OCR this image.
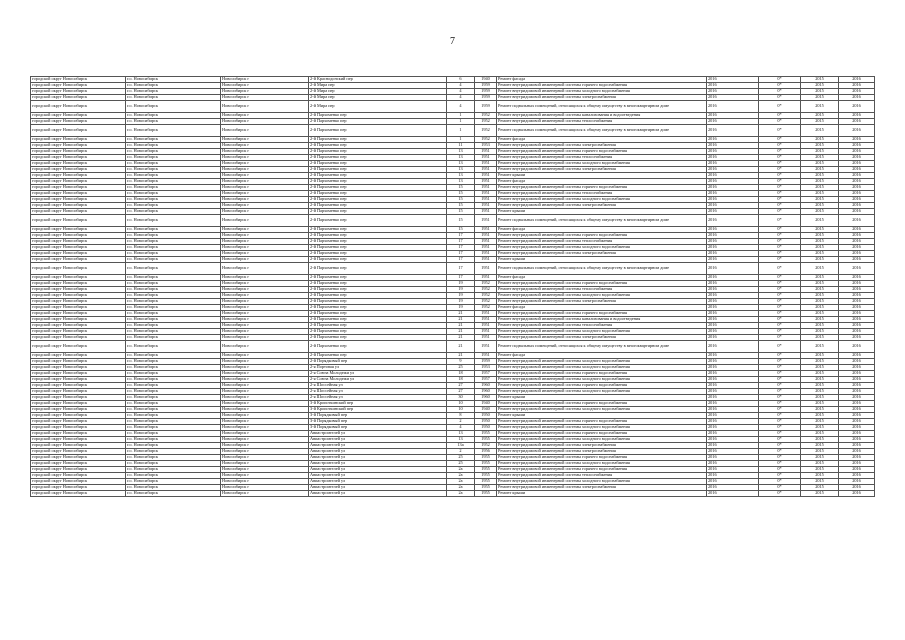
7
городской округ Новосибирск	г.о. Новосибирск	Новосибирск г	2-й Краснодонский пер	6	1940	Ремонт фасада	2016	0*	2015	2016
городской округ Новосибирск	г.о. Новосибирск	Новосибирск г	2-й Мира пер	4	1959	Ремонт внутридомовой инженерной системы горячего водоснабжения	2016	0*	2015	2016
городской округ Новосибирск	г.о. Новосибирск	Новосибирск г	2-й Мира пер	4	1959	Ремонт внутридомовой инженерной системы холодного водоснабжения	2016	0*	2015	2016
городской округ Новосибирск	г.о. Новосибирск	Новосибирск г	2-й Мира пер	4	1959	Ремонт внутридомовой инженерной системы электроснабжения	2016	0*	2015	2016
городской округ Новосибирск	г.о. Новосибирск	Новосибирск г	2-й Мира пер	4	1959	Ремонт подвальных помещений, относящихся к общему имуществу в многоквартирном доме	2016	0*	2015	2016
городской округ Новосибирск	г.о. Новосибирск	Новосибирск г	2-й Пархоменко пер	1	1952	Ремонт внутридомовой инженерной системы канализования и водоотведения	2016	0*	2015	2016
городской округ Новосибирск	г.о. Новосибирск	Новосибирск г	2-й Пархоменко пер	1	1952	Ремонт внутридомовой инженерной системы теплоснабжения	2016	0*	2015	2016
городской округ Новосибирск	г.о. Новосибирск	Новосибирск г	2-й Пархоменко пер	1	1952	Ремонт подвальных помещений, относящихся к общему имуществу в многоквартирном доме	2016	0*	2015	2016
городской округ Новосибирск	г.о. Новосибирск	Новосибирск г	2-й Пархоменко пер	1	1952	Ремонт фасада	2016	0*	2015	2016
городской округ Новосибирск	г.о. Новосибирск	Новосибирск г	2-й Пархоменко пер	11	1953	Ремонт внутридомовой инженерной системы электроснабжения	2016	0*	2015	2016
городской округ Новосибирск	г.о. Новосибирск	Новосибирск г	2-й Пархоменко пер	13	1951	Ремонт внутридомовой инженерной системы горячего водоснабжения	2016	0*	2015	2016
городской округ Новосибирск	г.о. Новосибирск	Новосибирск г	2-й Пархоменко пер	13	1951	Ремонт внутридомовой инженерной системы теплоснабжения	2016	0*	2015	2016
городской округ Новосибирск	г.о. Новосибирск	Новосибирск г	2-й Пархоменко пер	13	1951	Ремонт внутридомовой инженерной системы холодного водоснабжения	2016	0*	2015	2016
городской округ Новосибирск	г.о. Новосибирск	Новосибирск г	2-й Пархоменко пер	13	1951	Ремонт внутридомовой инженерной системы электроснабжения	2016	0*	2015	2016
городской округ Новосибирск	г.о. Новосибирск	Новосибирск г	2-й Пархоменко пер	13	1951	Ремонт крыши	2016	0*	2015	2016
городской округ Новосибирск	г.о. Новосибирск	Новосибирск г	2-й Пархоменко пер	13	1951	Ремонт фасада	2016	0*	2015	2016
городской округ Новосибирск	г.о. Новосибирск	Новосибирск г	2-й Пархоменко пер	15	1951	Ремонт внутридомовой инженерной системы горячего водоснабжения	2016	0*	2015	2016
городской округ Новосибирск	г.о. Новосибирск	Новосибирск г	2-й Пархоменко пер	15	1951	Ремонт внутридомовой инженерной системы теплоснабжения	2016	0*	2015	2016
городской округ Новосибирск	г.о. Новосибирск	Новосибирск г	2-й Пархоменко пер	15	1951	Ремонт внутридомовой инженерной системы холодного водоснабжения	2016	0*	2015	2016
городской округ Новосибирск	г.о. Новосибирск	Новосибирск г	2-й Пархоменко пер	15	1951	Ремонт внутридомовой инженерной системы электроснабжения	2016	0*	2015	2016
городской округ Новосибирск	г.о. Новосибирск	Новосибирск г	2-й Пархоменко пер	15	1951	Ремонт крыши	2016	0*	2015	2016
городской округ Новосибирск	г.о. Новосибирск	Новосибирск г	2-й Пархоменко пер	15	1951	Ремонт подвальных помещений, относящихся к общему имуществу в многоквартирном доме	2016	0*	2015	2016
городской округ Новосибирск	г.о. Новосибирск	Новосибирск г	2-й Пархоменко пер	15	1951	Ремонт фасада	2016	0*	2015	2016
городской округ Новосибирск	г.о. Новосибирск	Новосибирск г	2-й Пархоменко пер	17	1951	Ремонт внутридомовой инженерной системы горячего водоснабжения	2016	0*	2015	2016
городской округ Новосибирск	г.о. Новосибирск	Новосибирск г	2-й Пархоменко пер	17	1951	Ремонт внутридомовой инженерной системы теплоснабжения	2016	0*	2015	2016
городской округ Новосибирск	г.о. Новосибирск	Новосибирск г	2-й Пархоменко пер	17	1951	Ремонт внутридомовой инженерной системы холодного водоснабжения	2016	0*	2015	2016
городской округ Новосибирск	г.о. Новосибирск	Новосибирск г	2-й Пархоменко пер	17	1951	Ремонт внутридомовой инженерной системы электроснабжения	2016	0*	2015	2016
городской округ Новосибирск	г.о. Новосибирск	Новосибирск г	2-й Пархоменко пер	17	1951	Ремонт крыши	2016	0*	2015	2016
городской округ Новосибирск	г.о. Новосибирск	Новосибирск г	2-й Пархоменко пер	17	1951	Ремонт подвальных помещений, относящихся к общему имуществу в многоквартирном доме	2016	0*	2015	2016
городской округ Новосибирск	г.о. Новосибирск	Новосибирск г	2-й Пархоменко пер	17	1951	Ремонт фасада	2016	0*	2015	2016
городской округ Новосибирск	г.о. Новосибирск	Новосибирск г	2-й Пархоменко пер	19	1952	Ремонт внутридомовой инженерной системы горячего водоснабжения	2016	0*	2015	2016
городской округ Новосибирск	г.о. Новосибирск	Новосибирск г	2-й Пархоменко пер	19	1952	Ремонт внутридомовой инженерной системы теплоснабжения	2016	0*	2015	2016
городской округ Новосибирск	г.о. Новосибирск	Новосибирск г	2-й Пархоменко пер	19	1952	Ремонт внутридомовой инженерной системы холодного водоснабжения	2016	0*	2015	2016
городской округ Новосибирск	г.о. Новосибирск	Новосибирск г	2-й Пархоменко пер	19	1952	Ремонт внутридомовой инженерной системы электроснабжения	2016	0*	2015	2016
городской округ Новосибирск	г.о. Новосибирск	Новосибирск г	2-й Пархоменко пер	19	1952	Ремонт фасада	2016	0*	2015	2016
городской округ Новосибирск	г.о. Новосибирск	Новосибирск г	2-й Пархоменко пер	21	1951	Ремонт внутридомовой инженерной системы горячего водоснабжения	2016	0*	2015	2016
городской округ Новосибирск	г.о. Новосибирск	Новосибирск г	2-й Пархоменко пер	21	1951	Ремонт внутридомовой инженерной системы канализования и водоотведения	2016	0*	2015	2016
городской округ Новосибирск	г.о. Новосибирск	Новосибирск г	2-й Пархоменко пер	21	1951	Ремонт внутридомовой инженерной системы теплоснабжения	2016	0*	2015	2016
городской округ Новосибирск	г.о. Новосибирск	Новосибирск г	2-й Пархоменко пер	21	1951	Ремонт внутридомовой инженерной системы холодного водоснабжения	2016	0*	2015	2016
городской округ Новосибирск	г.о. Новосибирск	Новосибирск г	2-й Пархоменко пер	21	1951	Ремонт внутридомовой инженерной системы электроснабжения	2016	0*	2015	2016
городской округ Новосибирск	г.о. Новосибирск	Новосибирск г	2-й Пархоменко пер	21	1951	Ремонт подвальных помещений, относящихся к общему имуществу в многоквартирном доме	2016	0*	2015	2016
городской округ Новосибирск	г.о. Новосибирск	Новосибирск г	2-й Пархоменко пер	21	1951	Ремонт фасада	2016	0*	2015	2016
городской округ Новосибирск	г.о. Новосибирск	Новосибирск г	2-й Порядковый пер	9	1959	Ремонт внутридомовой инженерной системы холодного водоснабжения	2016	0*	2015	2016
городской округ Новосибирск	г.о. Новосибирск	Новосибирск г	2-я Портовая ул	25	1953	Ремонт внутридомовой инженерной системы холодного водоснабжения	2016	0*	2015	2016
городской округ Новосибирск	г.о. Новосибирск	Новосибирск г	2-я Союза Молодежи ул	18	1957	Ремонт внутридомовой инженерной системы горячего водоснабжения	2016	0*	2015	2016
городской округ Новосибирск	г.о. Новосибирск	Новосибирск г	2-я Союза Молодежи ул	18	1957	Ремонт внутридомовой инженерной системы холодного водоснабжения	2016	0*	2015	2016
городской округ Новосибирск	г.о. Новосибирск	Новосибирск г	2-я Шоссейная ул	27	1960	Ремонт внутридомовой инженерной системы горячего водоснабжения	2016	0*	2015	2016
городской округ Новосибирск	г.о. Новосибирск	Новосибирск г	2-я Шоссейная ул	27	1960	Ремонт внутридомовой инженерной системы холодного водоснабжения	2016	0*	2015	2016
городской округ Новосибирск	г.о. Новосибирск	Новосибирск г	2-я Шоссейная ул	30	1960	Ремонт крыши	2016	0*	2015	2016
городской округ Новосибирск	г.о. Новосибирск	Новосибирск г	3-й Кропоткинский пер	10	1940	Ремонт внутридомовой инженерной системы горячего водоснабжения	2016	0*	2015	2016
городской округ Новосибирск	г.о. Новосибирск	Новосибирск г	3-й Кропоткинский пер	10	1940	Ремонт внутридомовой инженерной системы холодного водоснабжения	2016	0*	2015	2016
городской округ Новосибирск	г.о. Новосибирск	Новосибирск г	3-й Порядковый пер	8	1950	Ремонт крыши	2016	0*	2015	2016
городской округ Новосибирск	г.о. Новосибирск	Новосибирск г	3-й Порядковый пер	2	1950	Ремонт внутридомовой инженерной системы горячего водоснабжения	2016	0*	2015	2016
городской округ Новосибирск	г.о. Новосибирск	Новосибирск г	3-й Порядковый пер	4	1950	Ремонт внутридомовой инженерной системы холодного водоснабжения	2016	0*	2015	2016
городской округ Новосибирск	г.о. Новосибирск	Новосибирск г	Авиастроителей ул	13	1955	Ремонт внутридомовой инженерной системы горячего водоснабжения	2016	0*	2015	2016
городской округ Новосибирск	г.о. Новосибирск	Новосибирск г	Авиастроителей ул	13	1955	Ремонт внутридомовой инженерной системы холодного водоснабжения	2016	0*	2015	2016
городской округ Новосибирск	г.о. Новосибирск	Новосибирск г	Авиастроителей ул	13а	1952	Ремонт внутридомовой инженерной системы электроснабжения	2016	0*	2015	2016
городской округ Новосибирск	г.о. Новосибирск	Новосибирск г	Авиастроителей ул	2	1956	Ремонт внутридомовой инженерной системы электроснабжения	2016	0*	2015	2016
городской округ Новосибирск	г.о. Новосибирск	Новосибирск г	Авиастроителей ул	25	1955	Ремонт внутридомовой инженерной системы горячего водоснабжения	2016	0*	2015	2016
городской округ Новосибирск	г.о. Новосибирск	Новосибирск г	Авиастроителей ул	25	1955	Ремонт внутридомовой инженерной системы холодного водоснабжения	2016	0*	2015	2016
городской округ Новосибирск	г.о. Новосибирск	Новосибирск г	Авиастроителей ул	2а	1955	Ремонт внутридомовой инженерной системы горячего водоснабжения	2016	0*	2015	2016
городской округ Новосибирск	г.о. Новосибирск	Новосибирск г	Авиастроителей ул	2а	1955	Ремонт внутридомовой инженерной системы теплоснабжения	2016	0*	2015	2016
городской округ Новосибирск	г.о. Новосибирск	Новосибирск г	Авиастроителей ул	2а	1955	Ремонт внутридомовой инженерной системы холодного водоснабжения	2016	0*	2015	2016
городской округ Новосибирск	г.о. Новосибирск	Новосибирск г	Авиастроителей ул	2а	1955	Ремонт внутридомовой инженерной системы электроснабжения	2016	0*	2015	2016
городской округ Новосибирск	г.о. Новосибирск	Новосибирск г	Авиастроителей ул	2а	1955	Ремонт крыши	2016	0*	2015	2016
